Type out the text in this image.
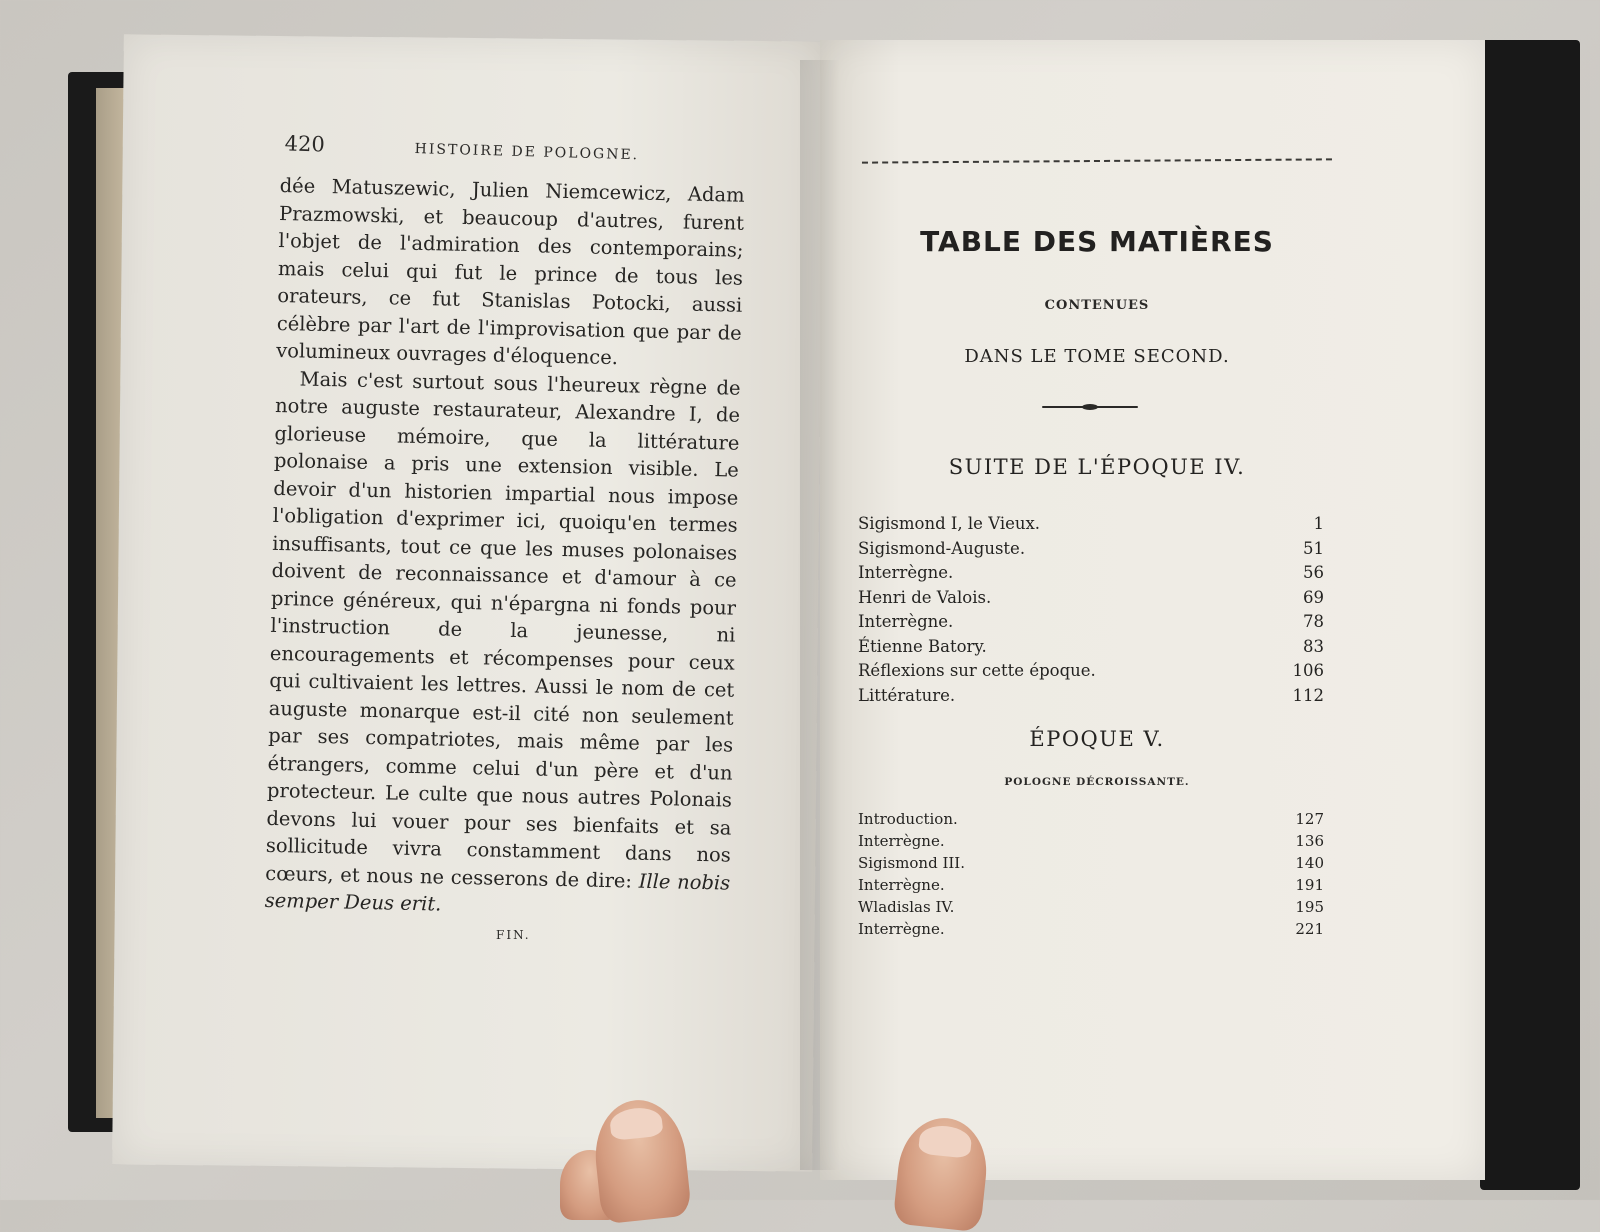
420	HISTOIRE DE POLOGNE.

dée Matuszewic, Julien Niemcewicz, Adam Prazmowski, et beaucoup d'autres, furent l'objet de l'admiration des contemporains; mais celui qui fut le prince de tous les orateurs, ce fut Stanislas Potocki, aussi célèbre par l'art de l'improvisation que par de volumineux ouvrages d'éloquence.

Mais c'est surtout sous l'heureux règne de notre auguste restaurateur, Alexandre I, de glorieuse mémoire, que la littérature polonaise a pris une extension visible. Le devoir d'un historien impartial nous impose l'obligation d'exprimer ici, quoiqu'en termes insuffisants, tout ce que les muses polonaises doivent de reconnaissance et d'amour à ce prince généreux, qui n'épargna ni fonds pour l'instruction de la jeunesse, ni encouragements et récompenses pour ceux qui cultivaient les lettres. Aussi le nom de cet auguste monarque est-il cité non seulement par ses compatriotes, mais même par les étrangers, comme celui d'un père et d'un protecteur. Le culte que nous autres Polonais devons lui vouer pour ses bienfaits et sa sollicitude vivra constamment dans nos cœurs, et nous ne cesserons de dire: Ille nobis semper Deus erit.

FIN.
TABLE DES MATIÈRES
CONTENUES
DANS LE TOME SECOND.
SUITE DE L'ÉPOQUE IV.
Sigismond I, le Vieux.	1
Sigismond-Auguste.	51
Interrègne.	56
Henri de Valois.	69
Interrègne.	78
Étienne Batory.	83
Réflexions sur cette époque.	106
Littérature.	112
ÉPOQUE V.
POLOGNE DÉCROISSANTE.
Introduction.	127
Interrègne.	136
Sigismond III.	140
Interrègne.	191
Wladislas IV.	195
Interrègne.	221
